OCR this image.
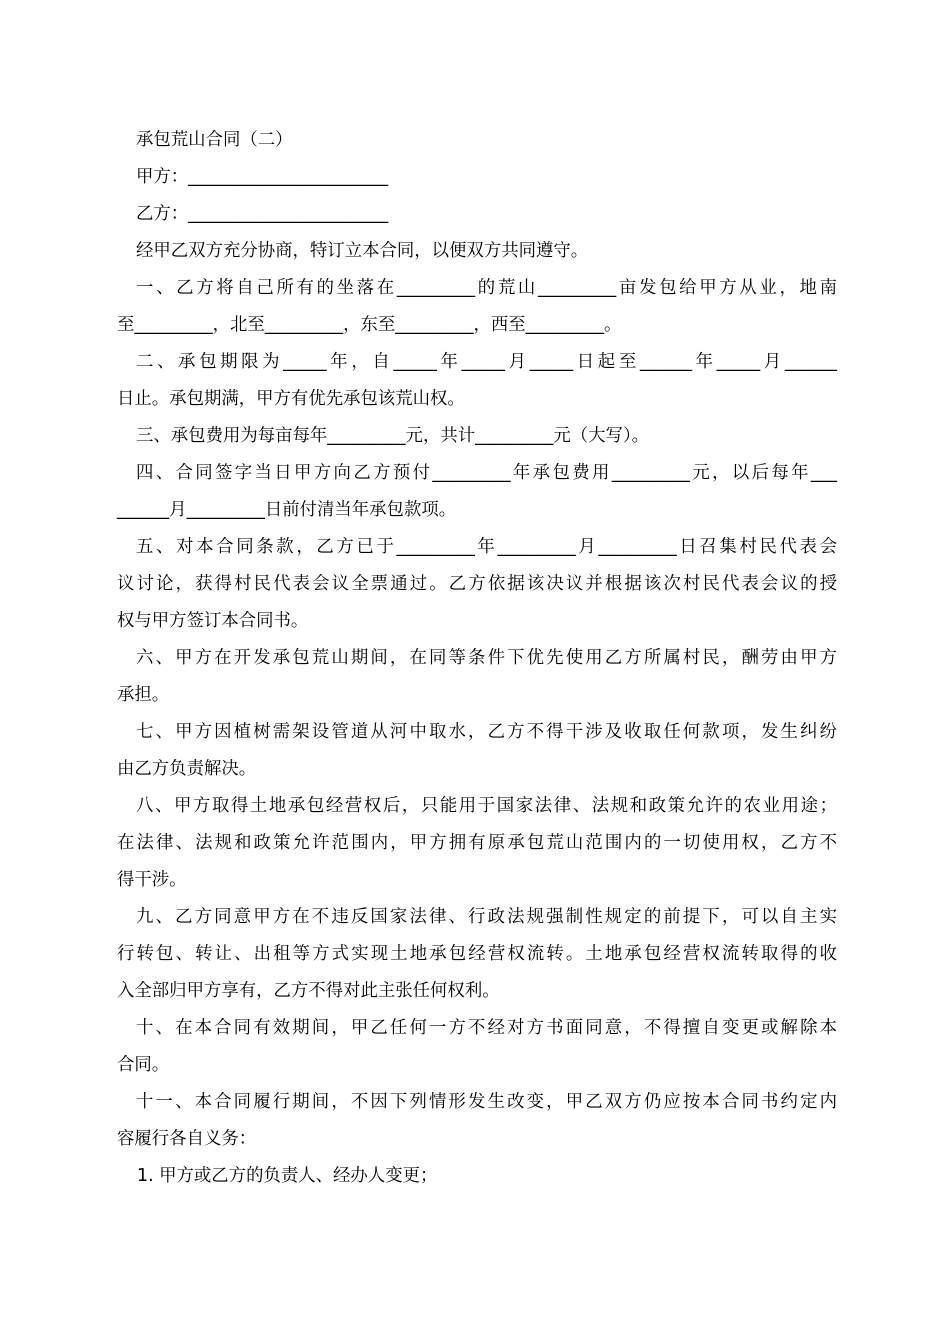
承包荒山合同（二）
甲方：_______________________
乙方：_______________________
经甲乙双方充分协商，特订立本合同，以便双方共同遵守。
一、乙方将自己所有的坐落在_________的荒山_________亩发包给甲方从业，地南
至_________，北至_________，东至_________，西至_________。
二、承包期限为_____年，自_____年_____月_____日起至______年_____月______
日止。承包期满，甲方有优先承包该荒山权。
三、承包费用为每亩每年_________元，共计_________元（大写）。
四、合同签字当日甲方向乙方预付_________年承包费用_________元，以后每年___
______月_________日前付清当年承包款项。
五、对本合同条款，乙方已于_________年_________月_________日召集村民代表会
议讨论，获得村民代表会议全票通过。乙方依据该决议并根据该次村民代表会议的授
权与甲方签订本合同书。
六、甲方在开发承包荒山期间，在同等条件下优先使用乙方所属村民，酬劳由甲方
承担。
七、甲方因植树需架设管道从河中取水，乙方不得干涉及收取任何款项，发生纠纷
由乙方负责解决。
八、甲方取得土地承包经营权后，只能用于国家法律、法规和政策允许的农业用途；
在法律、法规和政策允许范围内，甲方拥有原承包荒山范围内的一切使用权，乙方不
得干涉。
九、乙方同意甲方在不违反国家法律、行政法规强制性规定的前提下，可以自主实
行转包、转让、出租等方式实现土地承包经营权流转。土地承包经营权流转取得的收
入全部归甲方享有，乙方不得对此主张任何权利。
十、在本合同有效期间，甲乙任何一方不经对方书面同意，不得擅自变更或解除本
合同。
十一、本合同履行期间，不因下列情形发生改变，甲乙双方仍应按本合同书约定内
容履行各自义务：
1. 甲方或乙方的负责人、经办人变更；
